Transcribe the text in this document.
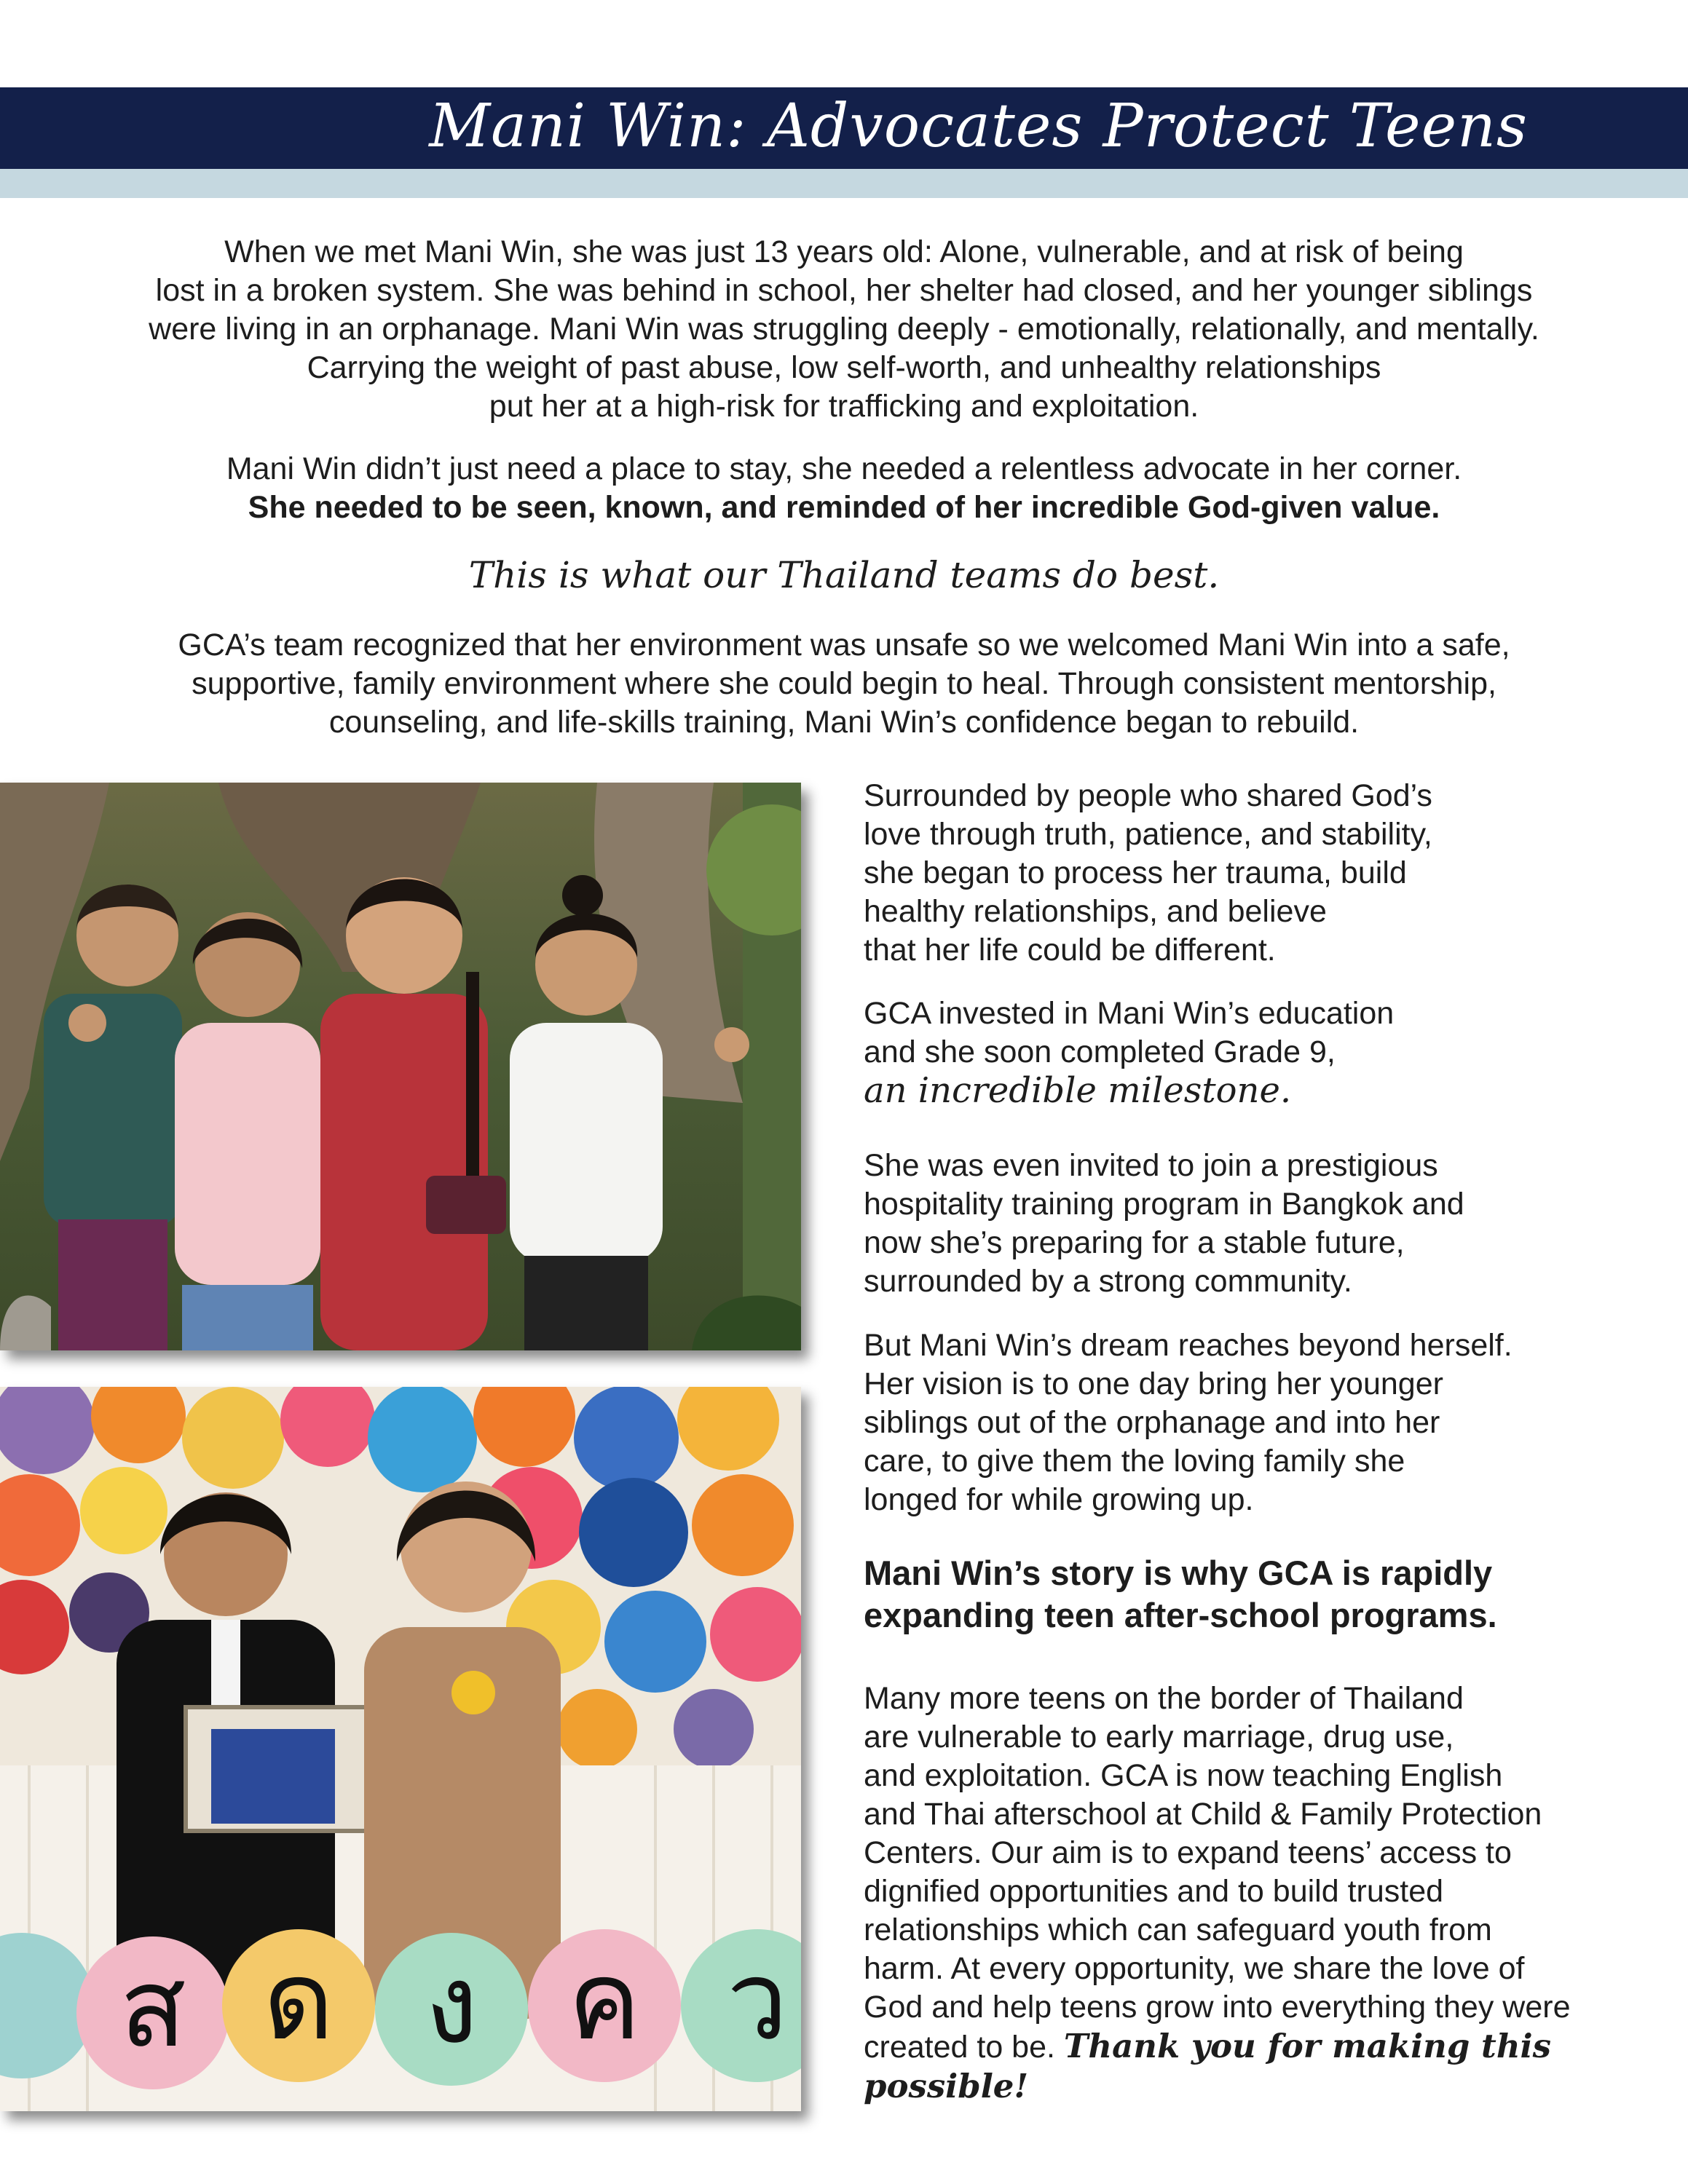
Mani Win: Advocates Protect Teens

When we met Mani Win, she was just 13 years old: Alone, vulnerable, and at risk of being
lost in a broken system. She was behind in school, her shelter had closed, and her younger siblings
were living in an orphanage. Mani Win was struggling deeply - emotionally, relationally, and mentally.
Carrying the weight of past abuse, low self-worth, and unhealthy relationships
put her at a high-risk for trafficking and exploitation.

Mani Win didn’t just need a place to stay, she needed a relentless advocate in her corner.
She needed to be seen, known, and reminded of her incredible God-given value.

This is what our Thailand teams do best.

GCA’s team recognized that her environment was unsafe so we welcomed Mani Win into a safe,
supportive, family environment where she could begin to heal. Through consistent mentorship,
counseling, and life-skills training, Mani Win’s confidence began to rebuild.

ส ด ง ค ว

Surrounded by people who shared God’s
love through truth, patience, and stability,
she began to process her trauma, build
healthy relationships, and believe
that her life could be different.

GCA invested in Mani Win’s education
and she soon completed Grade 9,
an incredible milestone.

She was even invited to join a prestigious
hospitality training program in Bangkok and
now she’s preparing for a stable future,
surrounded by a strong community.

But Mani Win’s dream reaches beyond herself.
Her vision is to one day bring her younger
siblings out of the orphanage and into her
care, to give them the loving family she
longed for while growing up.

Mani Win’s story is why GCA is rapidly
expanding teen after-school programs.

Many more teens on the border of Thailand
are vulnerable to early marriage, drug use,
and exploitation. GCA is now teaching English
and Thai afterschool at Child & Family Protection
Centers. Our aim is to expand teens’ access to
dignified opportunities and to build trusted
relationships which can safeguard youth from
harm. At every opportunity, we share the love of
God and help teens grow into everything they were
created to be. Thank you for making this possible!
